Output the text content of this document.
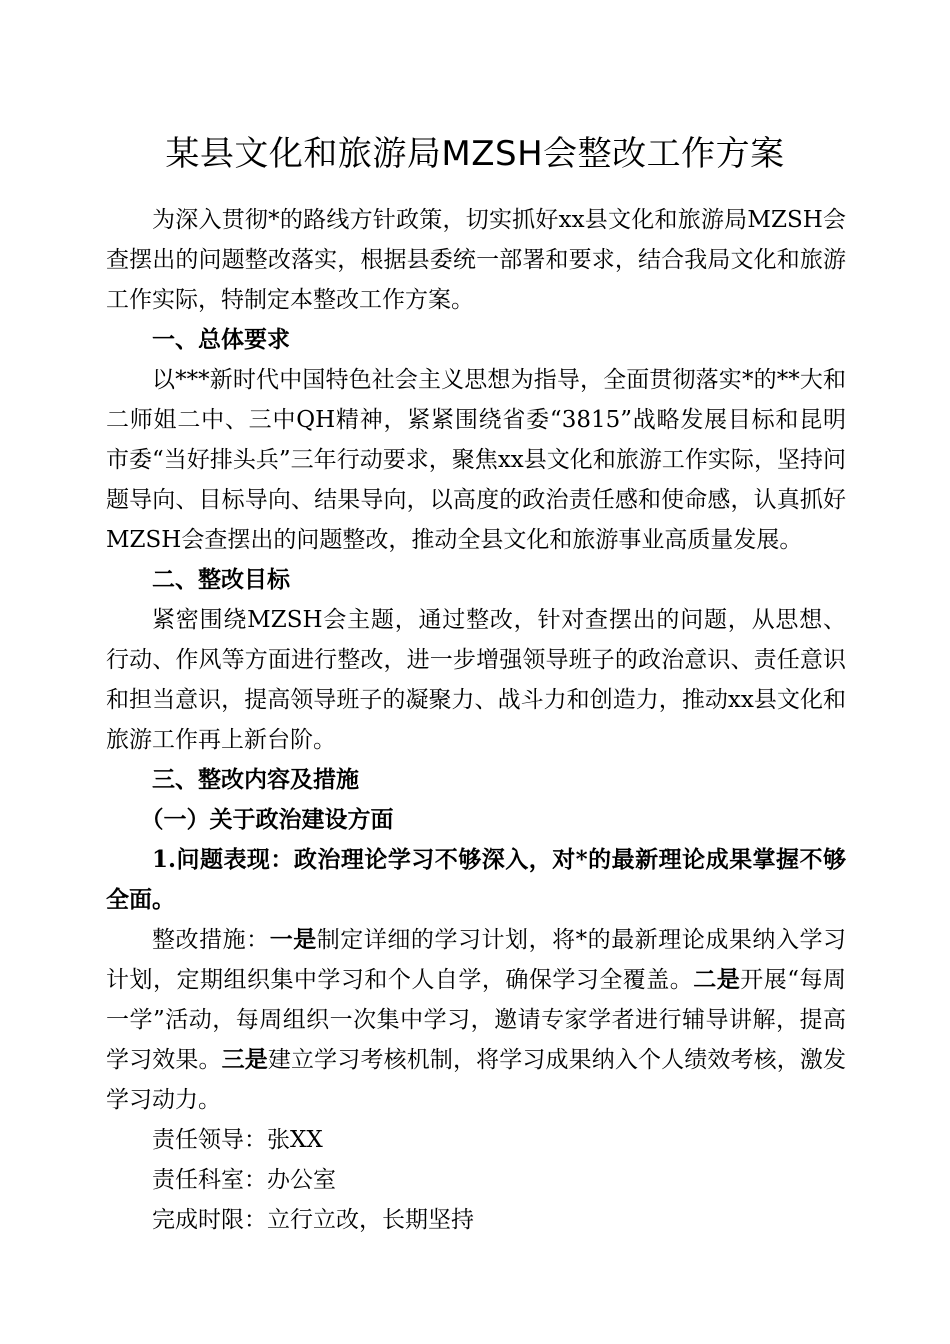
某县文化和旅游局MZSH会整改工作方案

为深入贯彻*的路线方针政策，切实抓好xx县文化和旅游局MZSH会查摆出的问题整改落实，根据县委统一部署和要求，结合我局文化和旅游工作实际，特制定本整改工作方案。

一、总体要求

以***新时代中国特色社会主义思想为指导，全面贯彻落实*的**大和二师姐二中、三中QH精神，紧紧围绕省委“3815”战略发展目标和昆明市委“当好排头兵”三年行动要求，聚焦xx县文化和旅游工作实际，坚持问题导向、目标导向、结果导向，以高度的政治责任感和使命感，认真抓好MZSH会查摆出的问题整改，推动全县文化和旅游事业高质量发展。

二、整改目标

紧密围绕MZSH会主题，通过整改，针对查摆出的问题，从思想、行动、作风等方面进行整改，进一步增强领导班子的政治意识、责任意识和担当意识，提高领导班子的凝聚力、战斗力和创造力，推动xx县文化和旅游工作再上新台阶。

三、整改内容及措施

（一）关于政治建设方面

1.问题表现：政治理论学习不够深入，对*的最新理论成果掌握不够全面。

整改措施：一是制定详细的学习计划，将*的最新理论成果纳入学习计划，定期组织集中学习和个人自学，确保学习全覆盖。二是开展“每周一学”活动，每周组织一次集中学习，邀请专家学者进行辅导讲解，提高学习效果。三是建立学习考核机制，将学习成果纳入个人绩效考核，激发学习动力。

责任领导：张XX

责任科室：办公室

完成时限：立行立改，长期坚持
